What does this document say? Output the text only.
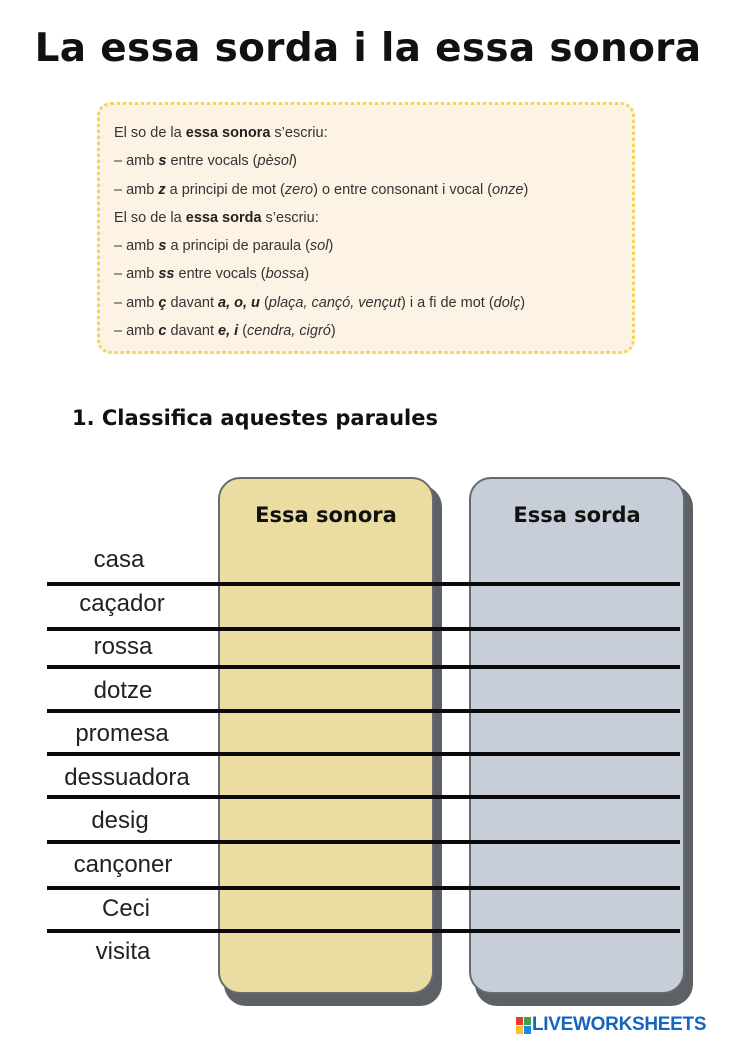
La essa sorda i la essa sonora
El so de la essa sonora s’escriu:
– amb s entre vocals (pèsol)
– amb z a principi de mot (zero) o entre consonant i vocal (onze)
El so de la essa sorda s’escriu:
– amb s a principi de paraula (sol)
– amb ss entre vocals (bossa)
– amb ç davant a, o, u (plaça, cançó, vençut) i a fi de mot (dolç)
– amb c davant e, i (cendra, cigró)
1. Classifica aquestes paraules
Essa sonora	Essa sorda
casa
caçador
rossa
dotze
promesa
dessuadora
desig
cançoner
Ceci
visita
LIVEWORKSHEETS
